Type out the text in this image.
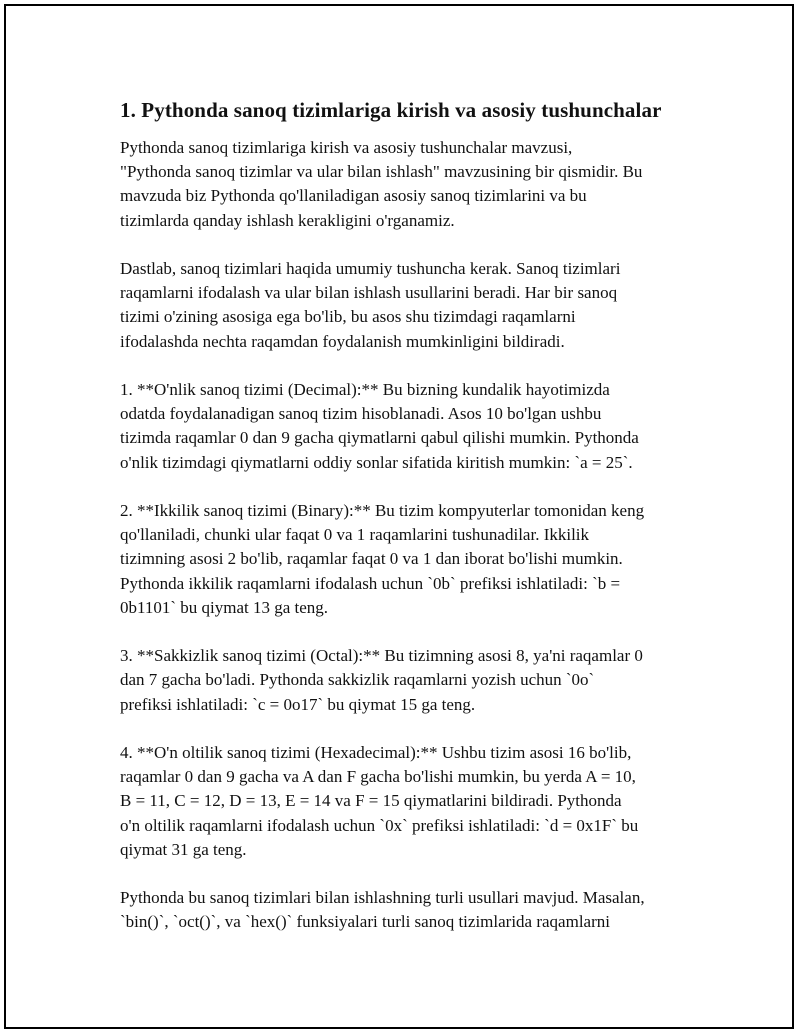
1. Pythonda sanoq tizimlariga kirish va asosiy tushunchalar

Pythonda sanoq tizimlariga kirish va asosiy tushunchalar mavzusi,
"Pythonda sanoq tizimlar va ular bilan ishlash" mavzusining bir qismidir. Bu
mavzuda biz Pythonda qo'llaniladigan asosiy sanoq tizimlarini va bu
tizimlarda qanday ishlash kerakligini o'rganamiz.

Dastlab, sanoq tizimlari haqida umumiy tushuncha kerak. Sanoq tizimlari
raqamlarni ifodalash va ular bilan ishlash usullarini beradi. Har bir sanoq
tizimi o'zining asosiga ega bo'lib, bu asos shu tizimdagi raqamlarni
ifodalashda nechta raqamdan foydalanish mumkinligini bildiradi.

1. **O'nlik sanoq tizimi (Decimal):** Bu bizning kundalik hayotimizda
odatda foydalanadigan sanoq tizim hisoblanadi. Asos 10 bo'lgan ushbu
tizimda raqamlar 0 dan 9 gacha qiymatlarni qabul qilishi mumkin. Pythonda
o'nlik tizimdagi qiymatlarni oddiy sonlar sifatida kiritish mumkin: `a = 25`.

2. **Ikkilik sanoq tizimi (Binary):** Bu tizim kompyuterlar tomonidan keng
qo'llaniladi, chunki ular faqat 0 va 1 raqamlarini tushunadilar. Ikkilik
tizimning asosi 2 bo'lib, raqamlar faqat 0 va 1 dan iborat bo'lishi mumkin.
Pythonda ikkilik raqamlarni ifodalash uchun `0b` prefiksi ishlatiladi: `b =
0b1101` bu qiymat 13 ga teng.

3. **Sakkizlik sanoq tizimi (Octal):** Bu tizimning asosi 8, ya'ni raqamlar 0
dan 7 gacha bo'ladi. Pythonda sakkizlik raqamlarni yozish uchun `0o`
prefiksi ishlatiladi: `c = 0o17` bu qiymat 15 ga teng.

4. **O'n oltilik sanoq tizimi (Hexadecimal):** Ushbu tizim asosi 16 bo'lib,
raqamlar 0 dan 9 gacha va A dan F gacha bo'lishi mumkin, bu yerda A = 10,
B = 11, C = 12, D = 13, E = 14 va F = 15 qiymatlarini bildiradi. Pythonda
o'n oltilik raqamlarni ifodalash uchun `0x` prefiksi ishlatiladi: `d = 0x1F` bu
qiymat 31 ga teng.

Pythonda bu sanoq tizimlari bilan ishlashning turli usullari mavjud. Masalan,
`bin()`, `oct()`, va `hex()` funksiyalari turli sanoq tizimlarida raqamlarni
